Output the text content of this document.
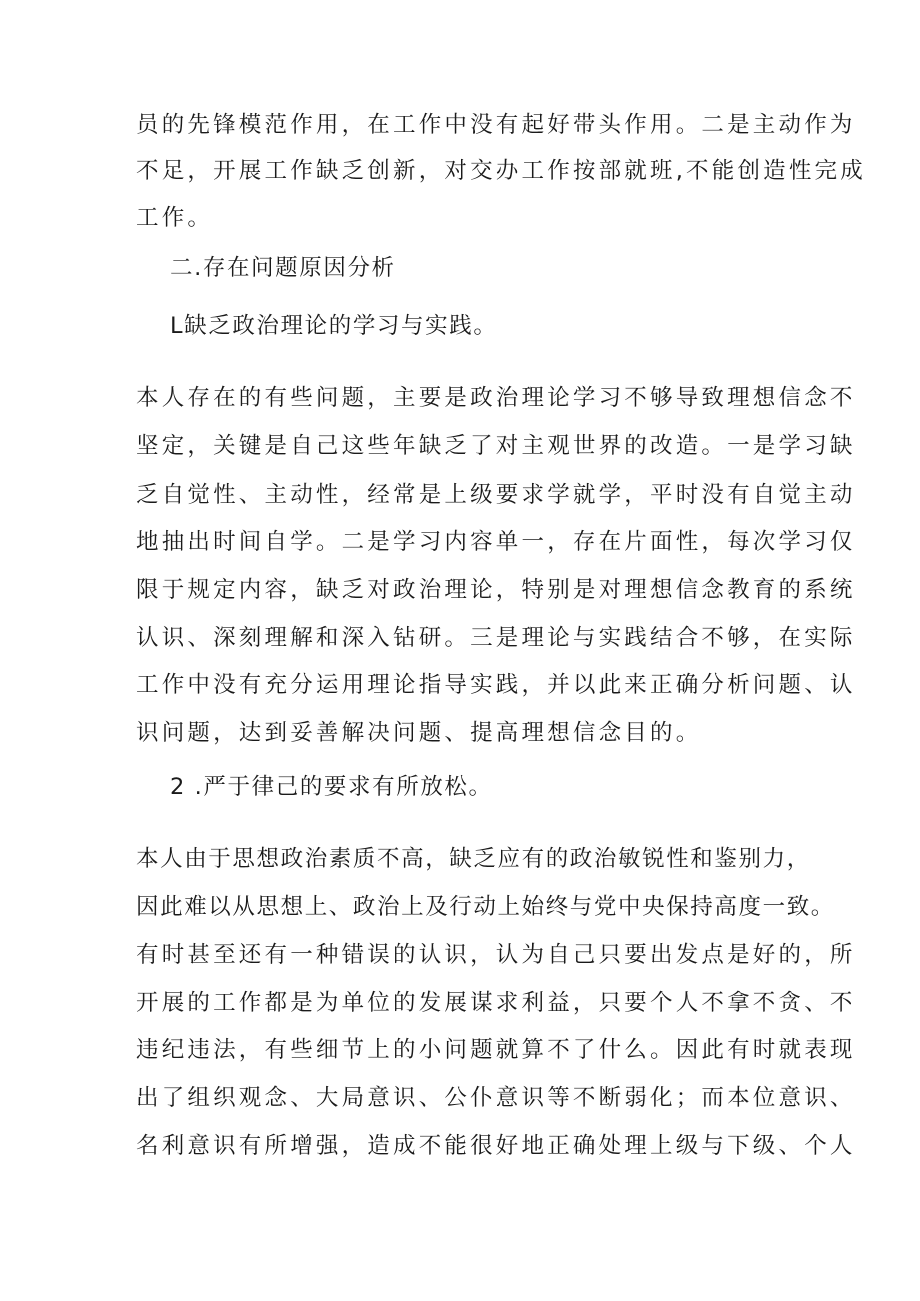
员的先锋模范作用，在工作中没有起好带头作用。二是主动作为
不足，开展工作缺乏创新，对交办工作按部就班,不能创造性完成
工作。
二.存在问题原因分析
L缺乏政治理论的学习与实践。
本人存在的有些问题，主要是政治理论学习不够导致理想信念不
坚定，关键是自己这些年缺乏了对主观世界的改造。一是学习缺
乏自觉性、主动性，经常是上级要求学就学，平时没有自觉主动
地抽出时间自学。二是学习内容单一，存在片面性，每次学习仅
限于规定内容，缺乏对政治理论，特别是对理想信念教育的系统
认识、深刻理解和深入钻研。三是理论与实践结合不够，在实际
工作中没有充分运用理论指导实践，并以此来正确分析问题、认
识问题，达到妥善解决问题、提高理想信念目的。
2 .严于律己的要求有所放松。
本人由于思想政治素质不高，缺乏应有的政治敏锐性和鉴别力，
因此难以从思想上、政治上及行动上始终与党中央保持高度一致。
有时甚至还有一种错误的认识，认为自己只要出发点是好的，所
开展的工作都是为单位的发展谋求利益，只要个人不拿不贪、不
违纪违法，有些细节上的小问题就算不了什么。因此有时就表现
出了组织观念、大局意识、公仆意识等不断弱化；而本位意识、
名利意识有所增强，造成不能很好地正确处理上级与下级、个人
